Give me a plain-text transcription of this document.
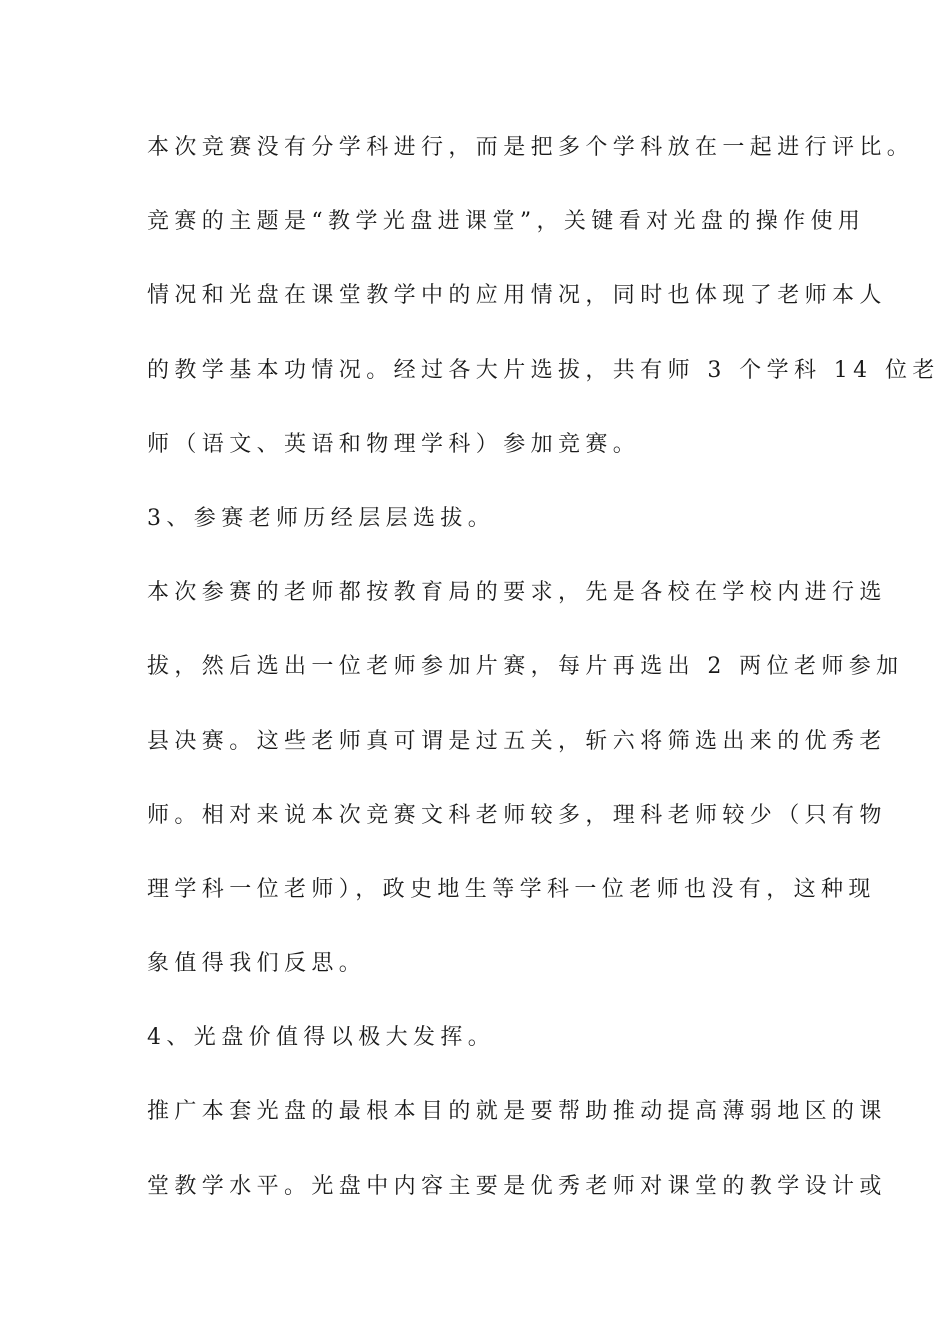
本次竞赛没有分学科进行，而是把多个学科放在一起进行评比。
竞赛的主题是“教学光盘进课堂”，关键看对光盘的操作使用
情况和光盘在课堂教学中的应用情况，同时也体现了老师本人
的教学基本功情况。经过各大片选拔，共有师 3 个学科 14 位老
师（语文、英语和物理学科）参加竞赛。
3、参赛老师历经层层选拔。
本次参赛的老师都按教育局的要求，先是各校在学校内进行选
拔，然后选出一位老师参加片赛，每片再选出 2 两位老师参加
县决赛。这些老师真可谓是过五关，斩六将筛选出来的优秀老
师。相对来说本次竞赛文科老师较多，理科老师较少（只有物
理学科一位老师），政史地生等学科一位老师也没有，这种现
象值得我们反思。
4、光盘价值得以极大发挥。
推广本套光盘的最根本目的就是要帮助推动提高薄弱地区的课
堂教学水平。光盘中内容主要是优秀老师对课堂的教学设计或
